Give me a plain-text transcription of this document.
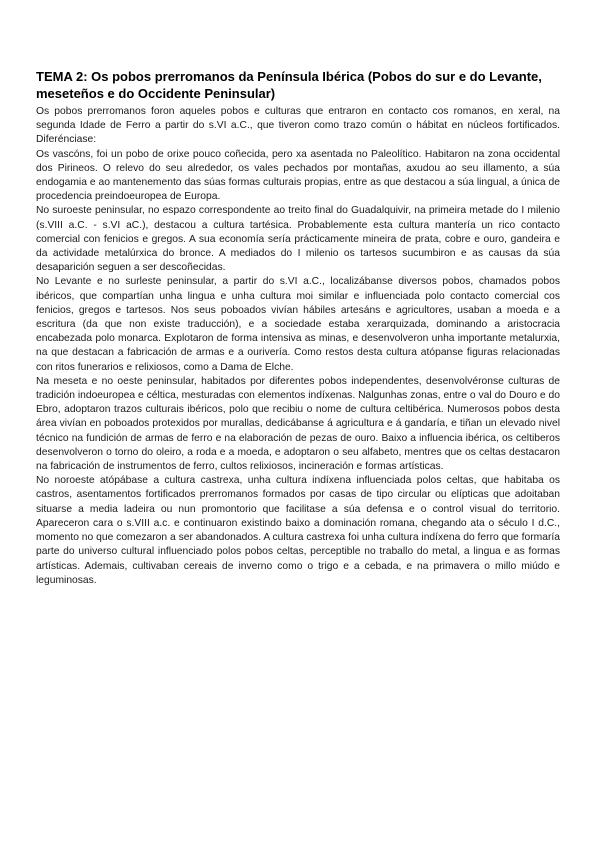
TEMA 2: Os pobos prerromanos da Península Ibérica (Pobos do sur e do Levante, meseteños e do Occidente Peninsular)

Os pobos prerromanos foron aqueles pobos e culturas que entraron en contacto cos romanos, en xeral, na segunda Idade de Ferro a partir do s.VI a.C., que tiveron como trazo común o hábitat en núcleos fortificados. Diferénciase:

Os vascóns, foi un pobo de orixe pouco coñecida, pero xa asentada no Paleolítico. Habitaron na zona occidental dos Pirineos. O relevo do seu alrededor, os vales pechados por montañas, axudou ao seu illamento, a súa endogamia e ao mantenemento das súas formas culturais propias, entre as que destacou a súa lingual, a única de procedencia preindoeuropea de Europa.

No suroeste peninsular, no espazo correspondente ao treito final do Guadalquivir, na primeira metade do I milenio (s.VIII a.C. - s.VI aC.), destacou a cultura tartésica. Probablemente esta cultura mantería un rico contacto comercial con fenicios e gregos. A sua economía sería prácticamente mineira de prata, cobre e ouro, gandeira e da actividade metalúrxica do bronce. A mediados do I milenio os tartesos sucumbiron e as causas da súa desaparición seguen a ser descoñecidas.

No Levante e no surleste peninsular, a partir do s.VI a.C., localizábanse diversos pobos, chamados pobos ibéricos, que compartían unha lingua e unha cultura moi similar e influenciada polo contacto comercial cos fenicios, gregos e tartesos. Nos seus poboados vivían hábiles artesáns e agricultores, usaban a moeda e a escritura (da que non existe traducción), e a sociedade estaba xerarquizada, dominando a aristocracia encabezada polo monarca. Explotaron de forma intensiva as minas, e desenvolveron unha importante metalurxia, na que destacan a fabricación de armas e a ourivería. Como restos desta cultura atópanse figuras relacionadas con ritos funerarios e relixiosos, como a Dama de Elche.

Na meseta e no oeste peninsular, habitados por diferentes pobos independentes, desenvolvéronse culturas de tradición indoeuropea e céltica, mesturadas con elementos indíxenas. Nalgunhas zonas, entre o val do Douro e do Ebro, adoptaron trazos culturais ibéricos, polo que recibiu o nome de cultura celtibérica. Numerosos pobos desta área vivían en poboados protexidos por murallas, dedicábanse á agricultura e á gandaría, e tiñan un elevado nivel técnico na fundición de armas de ferro e na elaboración de pezas de ouro. Baixo a influencia ibérica, os celtiberos desenvolveron o torno do oleiro, a roda e a moeda, e adoptaron o seu alfabeto, mentres que os celtas destacaron na fabricación de instrumentos de ferro, cultos relixiosos, incineración e formas artísticas.

No noroeste atópábase a cultura castrexa, unha cultura indíxena influenciada polos celtas, que habitaba os castros, asentamentos fortificados prerromanos formados por casas de tipo circular ou elípticas que adoitaban situarse a media ladeira ou nun promontorio que facilitase a súa defensa e o control visual do territorio. Apareceron cara o s.VIII a.c. e continuaron existindo baixo a dominación romana, chegando ata o século I d.C., momento no que comezaron a ser abandonados. A cultura castrexa foi unha cultura indíxena do ferro que formaría parte do universo cultural influenciado polos pobos celtas, perceptible no traballo do metal, a lingua e as formas artísticas. Ademais, cultivaban cereais de inverno como o trigo e a cebada, e na primavera o millo miúdo e leguminosas.
